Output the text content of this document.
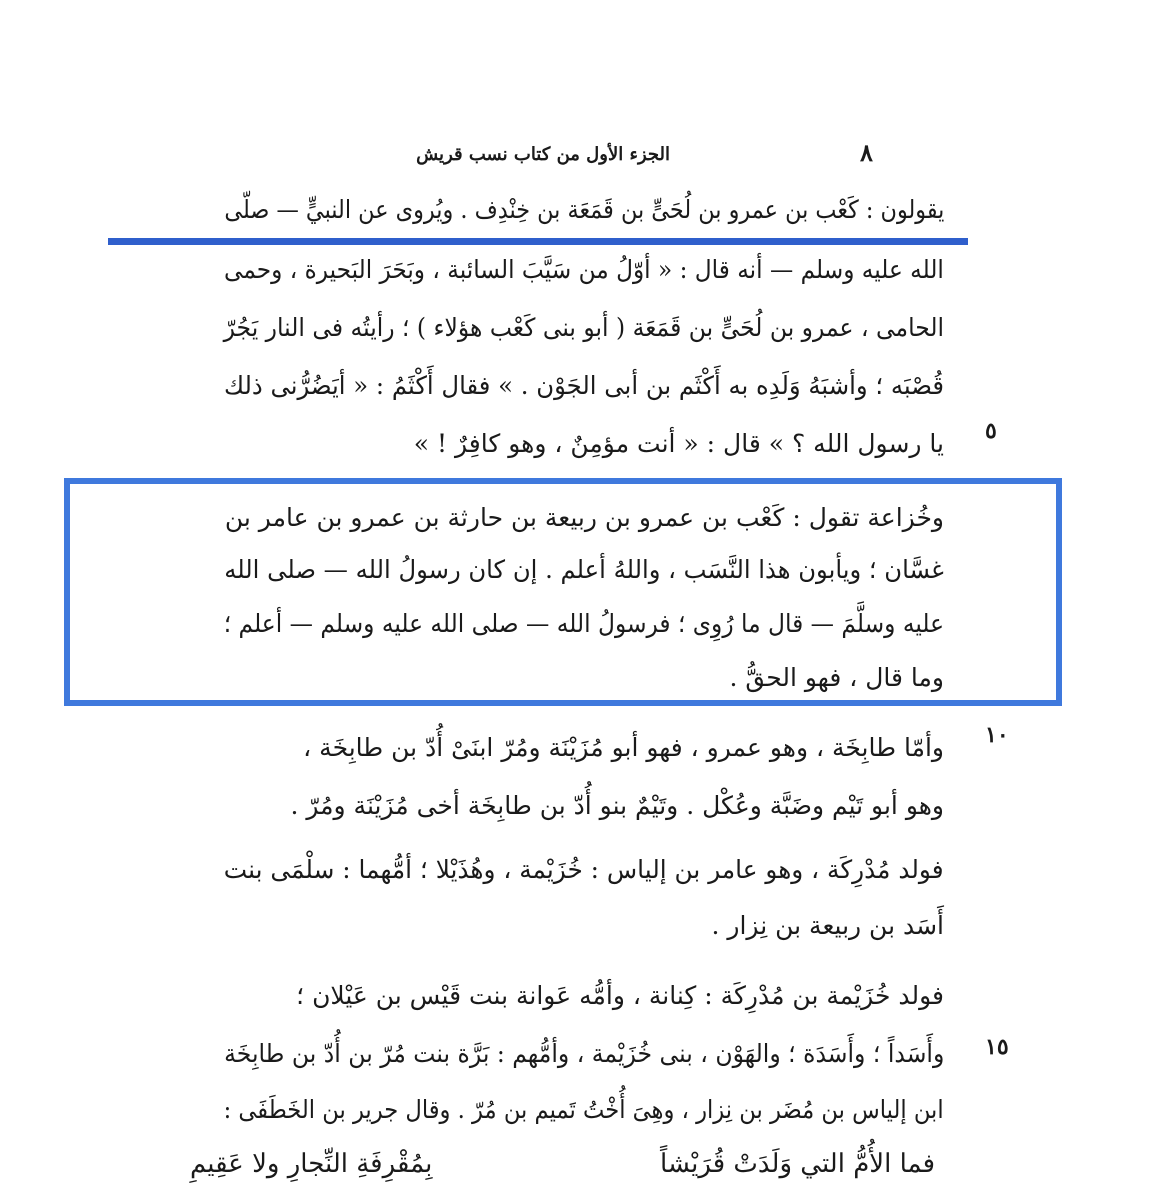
الجزء الأول من كتاب نسب قريش	٨
يقولون : كَعْب بن عمرو بن لُحَىٍّ بن قَمَعَة بن خِنْدِف . ويُروى عن النبيٍّ — صلّى
الله عليه وسلم — أنه قال : « أوّلُ من سَيَّبَ السائبة ، وبَحَرَ البَحيرة ، وحمى
الحامى ، عمرو بن لُحَىٍّ بن قَمَعَة ( أبو بنى كَعْب هؤلاء ) ؛ رأيتُه فى النار يَجُرّ
قُصْبَه ؛ وأشبَهُ وَلَدِه به أَكْثَم بن أبى الجَوْن . » فقال أَكْثَمُ : « أيَضُرُّنى ذلك
يا رسول الله ؟ » قال : « أنت مؤمِنٌ ، وهو كافِرٌ ! » ٥
وخُزاعة تقول : كَعْب بن عمرو بن ربيعة بن حارثة بن عمرو بن عامر بن
غسَّان ؛ ويأبون هذا النَّسَب ، واللهُ أعلم . إن كان رسولُ الله — صلى الله
عليه وسلَّمَ — قال ما رُوِى ؛ فرسولُ الله — صلى الله عليه وسلم — أعلم ؛
وما قال ، فهو الحقُّ .
وأمّا طابِخَة ، وهو عمرو ، فهو أبو مُزَيْنَة ومُرّ ابنَىْ أُدّ بن طابِخَة ، ١٠
وهو أبو تَيْم وضَبَّة وعُكْل . وتَيْمٌ بنو أُدّ بن طابِخَة أخى مُزَيْنَة ومُرّ .
فولد مُدْرِكَة ، وهو عامر بن إلياس : خُزَيْمة ، وهُذَيْلا ؛ أمُّهما : سلْمَى بنت
أَسَد بن ربيعة بن نِزار .
فولد خُزَيْمة بن مُدْرِكَة : كِنانة ، وأمُّه عَوانة بنت قَيْس بن عَيْلان ؛
وأَسَداً ؛ وأَسَدَة ؛ والهَوْن ، بنى خُزَيْمة ، وأمُّهم : بَرَّة بنت مُرّ بن أُدّ بن طابِخَة ١٥
ابن إلياس بن مُضَر بن نِزار ، وهِىَ أُخْتُ تَميم بن مُرّ . وقال جرير بن الخَطَفَى :
فما الأُمُّ التي وَلَدَتْ قُرَيْشاً
بِمُقْرِفَةِ النِّجارِ ولا عَقِيمِ
